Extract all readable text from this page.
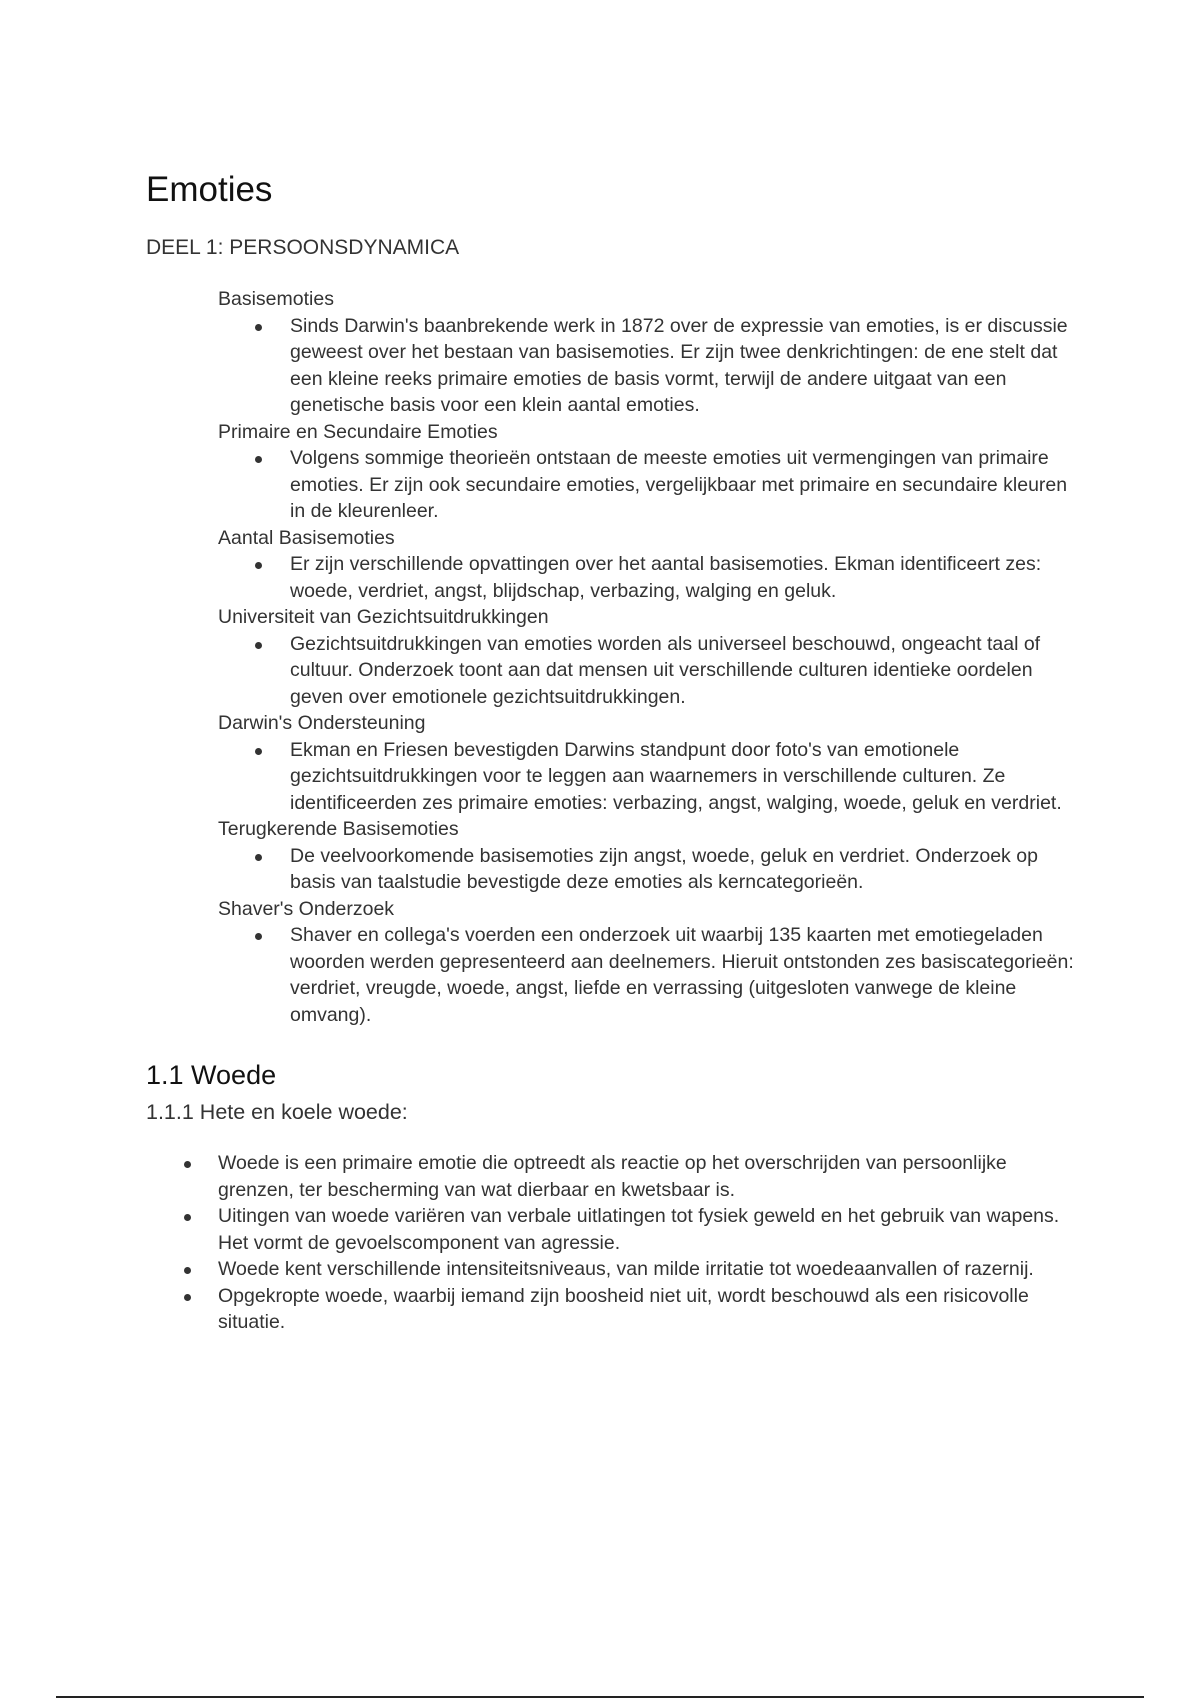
Emoties
DEEL 1: PERSOONSDYNAMICA
Basisemoties
Sinds Darwin's baanbrekende werk in 1872 over de expressie van emoties, is er discussie geweest over het bestaan van basisemoties. Er zijn twee denkrichtingen: de ene stelt dat een kleine reeks primaire emoties de basis vormt, terwijl de andere uitgaat van een genetische basis voor een klein aantal emoties.
Primaire en Secundaire Emoties
Volgens sommige theorieën ontstaan de meeste emoties uit vermengingen van primaire emoties. Er zijn ook secundaire emoties, vergelijkbaar met primaire en secundaire kleuren in de kleurenleer.
Aantal Basisemoties
Er zijn verschillende opvattingen over het aantal basisemoties. Ekman identificeert zes: woede, verdriet, angst, blijdschap, verbazing, walging en geluk.
Universiteit van Gezichtsuitdrukkingen
Gezichtsuitdrukkingen van emoties worden als universeel beschouwd, ongeacht taal of cultuur. Onderzoek toont aan dat mensen uit verschillende culturen identieke oordelen geven over emotionele gezichtsuitdrukkingen.
Darwin's Ondersteuning
Ekman en Friesen bevestigden Darwins standpunt door foto's van emotionele gezichtsuitdrukkingen voor te leggen aan waarnemers in verschillende culturen. Ze identificeerden zes primaire emoties: verbazing, angst, walging, woede, geluk en verdriet.
Terugkerende Basisemoties
De veelvoorkomende basisemoties zijn angst, woede, geluk en verdriet. Onderzoek op basis van taalstudie bevestigde deze emoties als kerncategorieën.
Shaver's Onderzoek
Shaver en collega's voerden een onderzoek uit waarbij 135 kaarten met emotiegeladen woorden werden gepresenteerd aan deelnemers. Hieruit ontstonden zes basiscategorieën: verdriet, vreugde, woede, angst, liefde en verrassing (uitgesloten vanwege de kleine omvang).
1.1 Woede
1.1.1 Hete en koele woede:
Woede is een primaire emotie die optreedt als reactie op het overschrijden van persoonlijke grenzen, ter bescherming van wat dierbaar en kwetsbaar is.
Uitingen van woede variëren van verbale uitlatingen tot fysiek geweld en het gebruik van wapens. Het vormt de gevoelscomponent van agressie.
Woede kent verschillende intensiteitsniveaus, van milde irritatie tot woedeaanvallen of razernij.
Opgekropte woede, waarbij iemand zijn boosheid niet uit, wordt beschouwd als een risicovolle situatie.
